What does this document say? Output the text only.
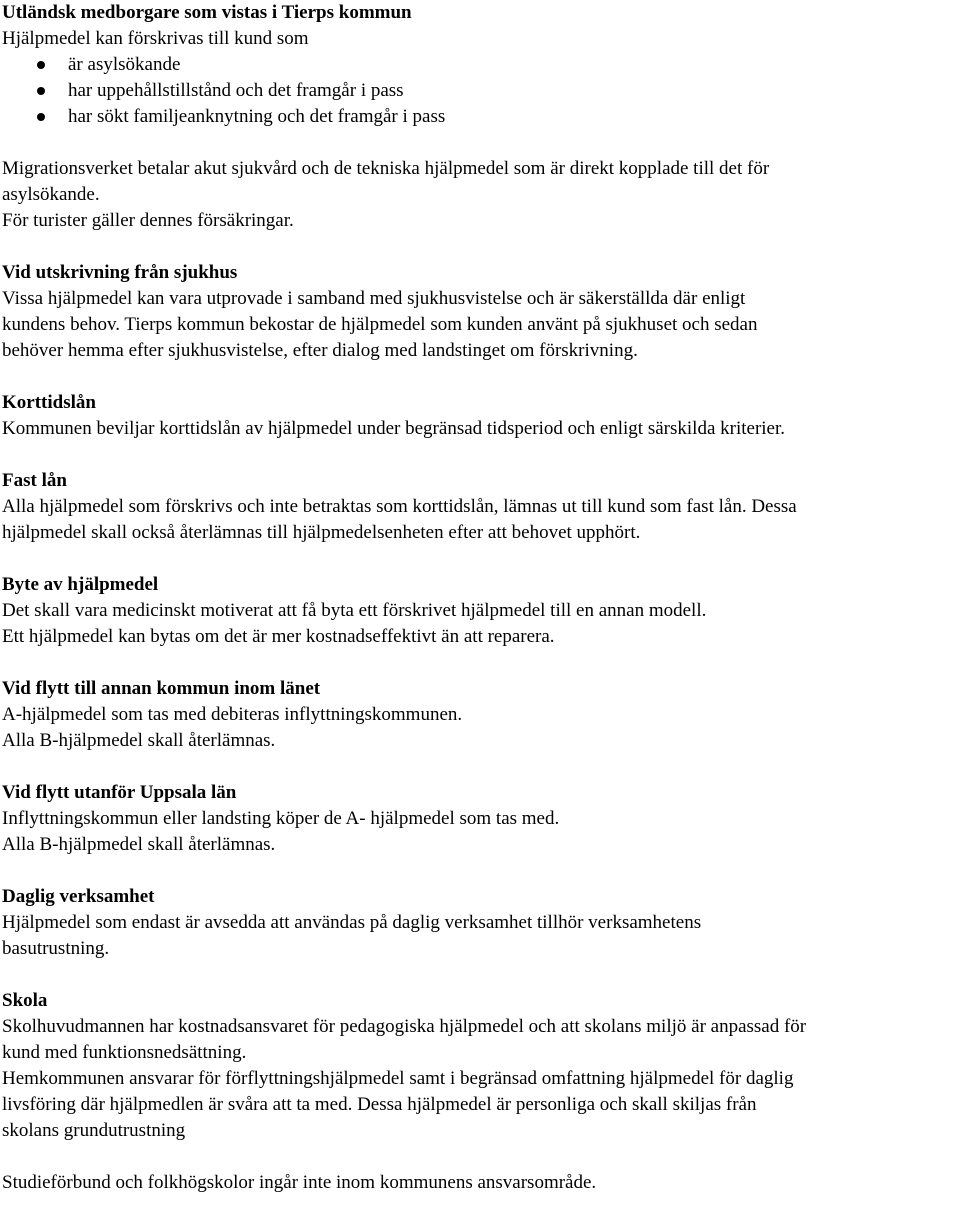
Utländsk medborgare som vistas i Tierps kommun

Hjälpmedel kan förskrivas till kund som

är asylsökande
har uppehållstillstånd och det framgår i pass
har sökt familjeanknytning och det framgår i pass

Migrationsverket betalar akut sjukvård och de tekniska hjälpmedel som är direkt kopplade till det för

asylsökande.

För turister gäller dennes försäkringar.

Vid utskrivning från sjukhus

Vissa hjälpmedel kan vara utprovade i samband med sjukhusvistelse och är säkerställda där enligt

kundens behov. Tierps kommun bekostar de hjälpmedel som kunden använt på sjukhuset och sedan

behöver hemma efter sjukhusvistelse, efter dialog med landstinget om förskrivning.

Korttidslån

Kommunen beviljar korttidslån av hjälpmedel under begränsad tidsperiod och enligt särskilda kriterier.

Fast lån

Alla hjälpmedel som förskrivs och inte betraktas som korttidslån, lämnas ut till kund som fast lån. Dessa

hjälpmedel skall också återlämnas till hjälpmedelsenheten efter att behovet upphört.

Byte av hjälpmedel

Det skall vara medicinskt motiverat att få byta ett förskrivet hjälpmedel till en annan modell.

Ett hjälpmedel kan bytas om det är mer kostnadseffektivt än att reparera.

Vid flytt till annan kommun inom länet

A-hjälpmedel som tas med debiteras inflyttningskommunen.

Alla B-hjälpmedel skall återlämnas.

Vid flytt utanför Uppsala län

Inflyttningskommun eller landsting köper de A- hjälpmedel som tas med.

Alla B-hjälpmedel skall återlämnas.

Daglig verksamhet

Hjälpmedel som endast är avsedda att användas på daglig verksamhet tillhör verksamhetens

basutrustning.

Skola

Skolhuvudmannen har kostnadsansvaret för pedagogiska hjälpmedel och att skolans miljö är anpassad för

kund med funktionsnedsättning.

Hemkommunen ansvarar för förflyttningshjälpmedel samt i begränsad omfattning hjälpmedel för daglig

livsföring där hjälpmedlen är svåra att ta med. Dessa hjälpmedel är personliga och skall skiljas från

skolans grundutrustning

Studieförbund och folkhögskolor ingår inte inom kommunens ansvarsområde.
